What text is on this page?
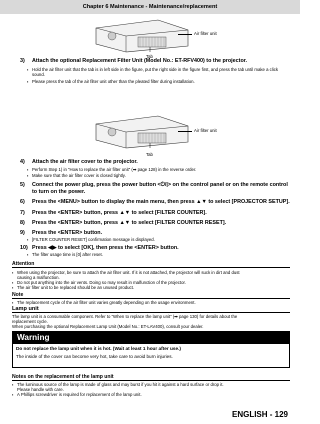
Chapter 6 Maintenance - Maintenance/replacement
Air filter unit
Tab
3) Attach the optional Replacement Filter Unit (Model No.: ET-RFV400) to the projector.
▪ Hold the air filter unit that the tab is in left side in the figure, put the right side in the figure first, and press the tab until make a click sound.
▪ Please press the tab of the air filter unit other than the pleated filter during installation.
Air filter unit
Tab
4) Attach the air filter cover to the projector.
▪ Perform Step 1) in “How to replace the air filter unit” (➡ page 128) in the reverse order.
▪ Make sure that the air filter cover is closed tightly.
5) Connect the power plug, press the power button <⏻/|> on the control panel or on the remote control
to turn on the power.
6) Press the <MENU> button to display the main menu, then press ▲▼ to select [PROJECTOR SETUP].
7) Press the <ENTER> button, press ▲▼ to select [FILTER COUNTER].
8) Press the <ENTER> button, press ▲▼ to select [FILTER COUNTER RESET].
9) Press the <ENTER> button.
▪ [FILTER COUNTER RESET] confirmation message is displayed.
10) Press ◀▶ to select [OK], then press the <ENTER> button.
▪ The filter usage time is [0] after reset.
Attention
▪ When using the projector, be sure to attach the air filter unit. If it is not attached, the projector will suck in dirt and dust
causing a malfunction.
▪ Do not put anything into the air vents. Doing so may result in malfunction of the projector.
▪ The air filter unit to be replaced should be an unused product.
Note
▪ The replacement cycle of the air filter unit varies greatly depending on the usage environment.
Lamp unit
The lamp unit is a consumable component. Refer to “When to replace the lamp unit” (➡ page 130) for details about the
replacement cycle.
When purchasing the optional Replacement Lamp Unit (Model No.: ET-LAV400), consult your dealer.
Warning
Do not replace the lamp unit when it is hot. (Wait at least 1 hour after use.)
The inside of the cover can become very hot, take care to avoid burn injuries.
Notes on the replacement of the lamp unit
▪ The luminous source of the lamp is made of glass and may burst if you hit it against a hard surface or drop it.
Please handle with care.
▪ A Phillips screwdriver is required for replacement of the lamp unit.
ENGLISH - 129
